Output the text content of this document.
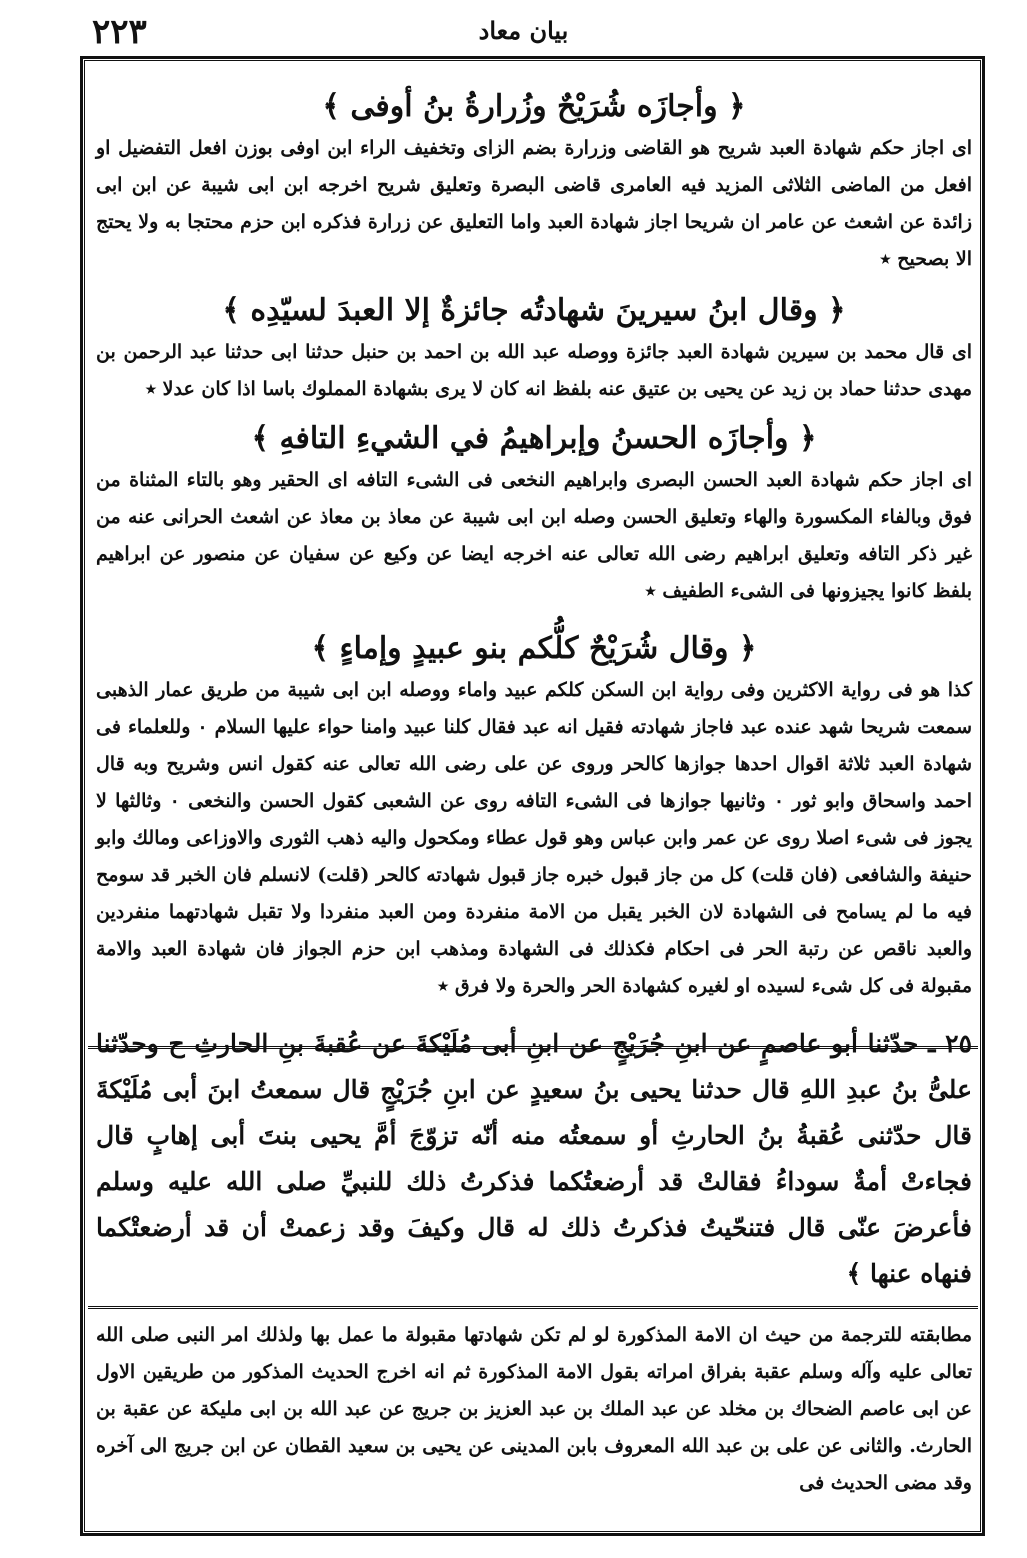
٢٢٣	بیان معاد

﴿ وأجازَه شُرَيْحٌ وزُرارةُ بنُ أوفى ﴾

اى اجاز حكم شهادة العبد شريح هو القاضى وزرارة بضم الزاى وتخفيف الراء ابن اوفى بوزن افعل التفضيل او افعل من الماضى الثلاثى المزيد فيه العامرى قاضى البصرة وتعليق شريح اخرجه ابن ابى شيبة عن ابن ابى زائدة عن اشعث عن عامر ان شريحا اجاز شهادة العبد واما التعليق عن زرارة فذكره ابن حزم محتجا به ولا يحتج الا بصحيح ٭

﴿ وقال ابنُ سيرينَ شهادتُه جائزةٌ إلا العبدَ لسيّدِه ﴾

اى قال محمد بن سيرين شهادة العبد جائزة ووصله عبد الله بن احمد بن حنبل حدثنا ابى حدثنا عبد الرحمن بن مهدى حدثنا حماد بن زيد عن يحيى بن عتيق عنه بلفظ انه كان لا يرى بشهادة المملوك باسا اذا كان عدلا ٭

﴿ وأجازَه الحسنُ وإبراهيمُ في الشيءِ التافهِ ﴾

اى اجاز حكم شهادة العبد الحسن البصرى وابراهيم النخعى فى الشىء التافه اى الحقير وهو بالتاء المثناة من فوق وبالفاء المكسورة والهاء وتعليق الحسن وصله ابن ابى شيبة عن معاذ بن معاذ عن اشعث الحرانى عنه من غير ذكر التافه وتعليق ابراهيم رضى الله تعالى عنه اخرجه ايضا عن وكيع عن سفيان عن منصور عن ابراهيم بلفظ كانوا يجيزونها فى الشىء الطفيف ٭

﴿ وقال شُرَيْحٌ كلُّكم بنو عبيدٍ وإماءٍ ﴾

كذا هو فى رواية الاكثرين وفى رواية ابن السكن كلكم عبيد واماء ووصله ابن ابى شيبة من طريق عمار الذهبى سمعت شريحا شهد عنده عبد فاجاز شهادته فقيل انه عبد فقال كلنا عبيد وامنا حواء عليها السلام ٠ وللعلماء فى شهادة العبد ثلاثة اقوال احدها جوازها كالحر وروى عن على رضى الله تعالى عنه كقول انس وشريح وبه قال احمد واسحاق وابو ثور ٠ وثانيها جوازها فى الشىء التافه روى عن الشعبى كقول الحسن والنخعى ٠ وثالثها لا يجوز فى شىء اصلا روى عن عمر وابن عباس وهو قول عطاء ومكحول واليه ذهب الثورى والاوزاعى ومالك وابو حنيفة والشافعى (فان قلت) كل من جاز قبول خبره جاز قبول شهادته كالحر (قلت) لانسلم فان الخبر قد سومح فيه ما لم يسامح فى الشهادة لان الخبر يقبل من الامة منفردة ومن العبد منفردا ولا تقبل شهادتهما منفردين والعبد ناقص عن رتبة الحر فى احكام فكذلك فى الشهادة ومذهب ابن حزم الجواز فان شهادة العبد والامة مقبولة فى كل شىء لسيده او لغيره كشهادة الحر والحرة ولا فرق ٭

٢٥ ـ حدّثنا أبو عاصمٍ عن ابنِ جُرَيْجٍ عن ابنِ أبى مُلَيْكةَ عن عُقبةَ بنِ الحارثِ ح وحدّثنا علىُّ بنُ عبدِ اللهِ قال حدثنا يحيى بنُ سعيدٍ عن ابنِ جُرَيْجٍ قال سمعتُ ابنَ أبى مُلَيْكةَ قال حدّثنى عُقبةُ بنُ الحارثِ أو سمعتُه منه أنّه تزوّجَ أمَّ يحيى بنتَ أبى إهابٍ قال فجاءتْ أمةٌ سوداءُ فقالتْ قد أرضعتُكما فذكرتُ ذلك للنبيِّ صلى الله عليه وسلم فأعرضَ عنّى قال فتنحّيتُ فذكرتُ ذلك له قال وكيفَ وقد زعمتْ أن قد أرضعتْكما فنهاه عنها ﴾

مطابقته للترجمة من حيث ان الامة المذكورة لو لم تكن شهادتها مقبولة ما عمل بها ولذلك امر النبى صلى الله تعالى عليه وآله وسلم عقبة بفراق امراته بقول الامة المذكورة ثم انه اخرج الحديث المذكور من طريقين الاول عن ابى عاصم الضحاك بن مخلد عن عبد الملك بن عبد العزيز بن جريج عن عبد الله بن ابى مليكة عن عقبة بن الحارث. والثانى عن على بن عبد الله المعروف بابن المدينى عن يحيى بن سعيد القطان عن ابن جريج الى آخره وقد مضى الحديث فى
